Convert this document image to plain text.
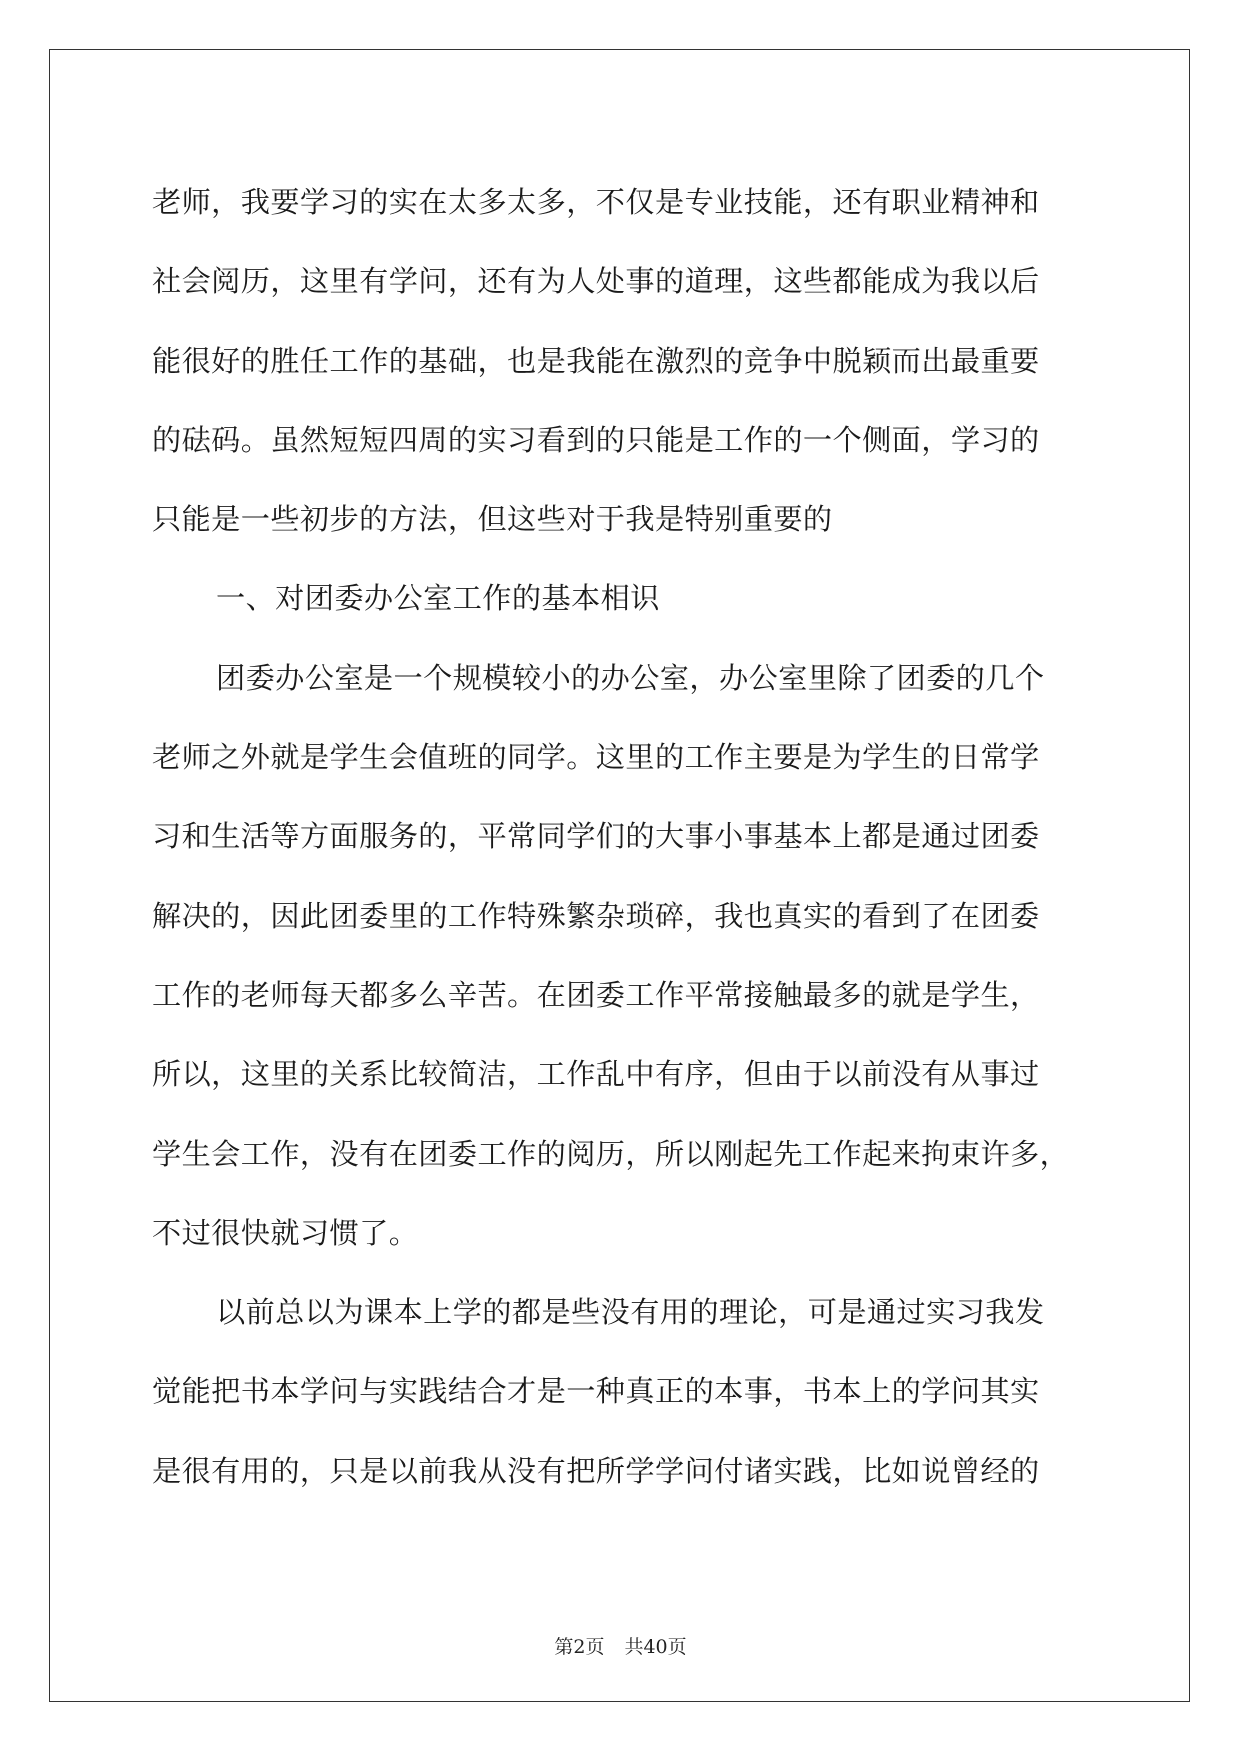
老师，我要学习的实在太多太多，不仅是专业技能，还有职业精神和
社会阅历，这里有学问，还有为人处事的道理，这些都能成为我以后
能很好的胜任工作的基础，也是我能在激烈的竞争中脱颖而出最重要
的砝码。虽然短短四周的实习看到的只能是工作的一个侧面，学习的
只能是一些初步的方法，但这些对于我是特别重要的
一、对团委办公室工作的基本相识
团委办公室是一个规模较小的办公室，办公室里除了团委的几个
老师之外就是学生会值班的同学。这里的工作主要是为学生的日常学
习和生活等方面服务的，平常同学们的大事小事基本上都是通过团委
解决的，因此团委里的工作特殊繁杂琐碎，我也真实的看到了在团委
工作的老师每天都多么辛苦。在团委工作平常接触最多的就是学生，
所以，这里的关系比较简洁，工作乱中有序，但由于以前没有从事过
学生会工作，没有在团委工作的阅历，所以刚起先工作起来拘束许多，
不过很快就习惯了。
以前总以为课本上学的都是些没有用的理论，可是通过实习我发
觉能把书本学问与实践结合才是一种真正的本事，书本上的学问其实
是很有用的，只是以前我从没有把所学学问付诸实践，比如说曾经的
第2页 共40页
